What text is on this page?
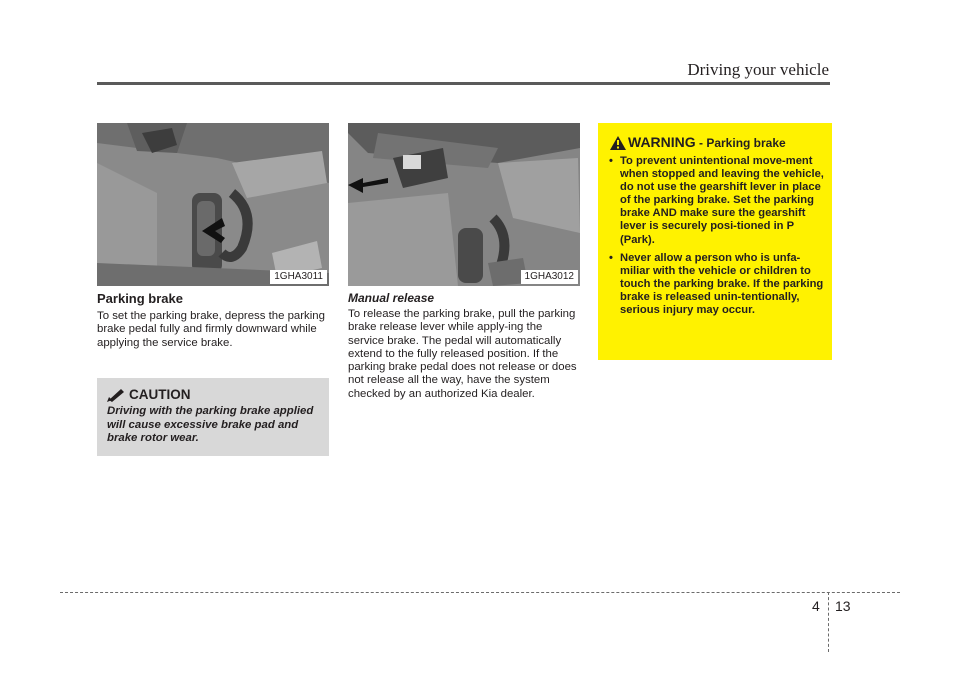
Driving your vehicle
1GHA3011	1GHA3012
Parking brake
To set the parking brake, depress the parking brake pedal fully and firmly downward while applying the service brake.
CAUTION
Driving with the parking brake applied will cause excessive brake pad and brake rotor wear.
Manual release
To release the parking brake, pull the parking brake release lever while apply-ing the service brake. The pedal will automatically extend to the fully released position. If the parking brake pedal does not release or does not release all the way, have the system checked by an authorized Kia dealer.
WARNING - Parking brake
• To prevent unintentional move-ment when stopped and leaving the vehicle, do not use the gearshift lever in place of the parking brake. Set the parking brake AND make sure the gearshift lever is securely posi-tioned in P (Park).
• Never allow a person who is unfa-miliar with the vehicle or children to touch the parking brake. If the parking brake is released unin-tentionally, serious injury may occur.
4 13
